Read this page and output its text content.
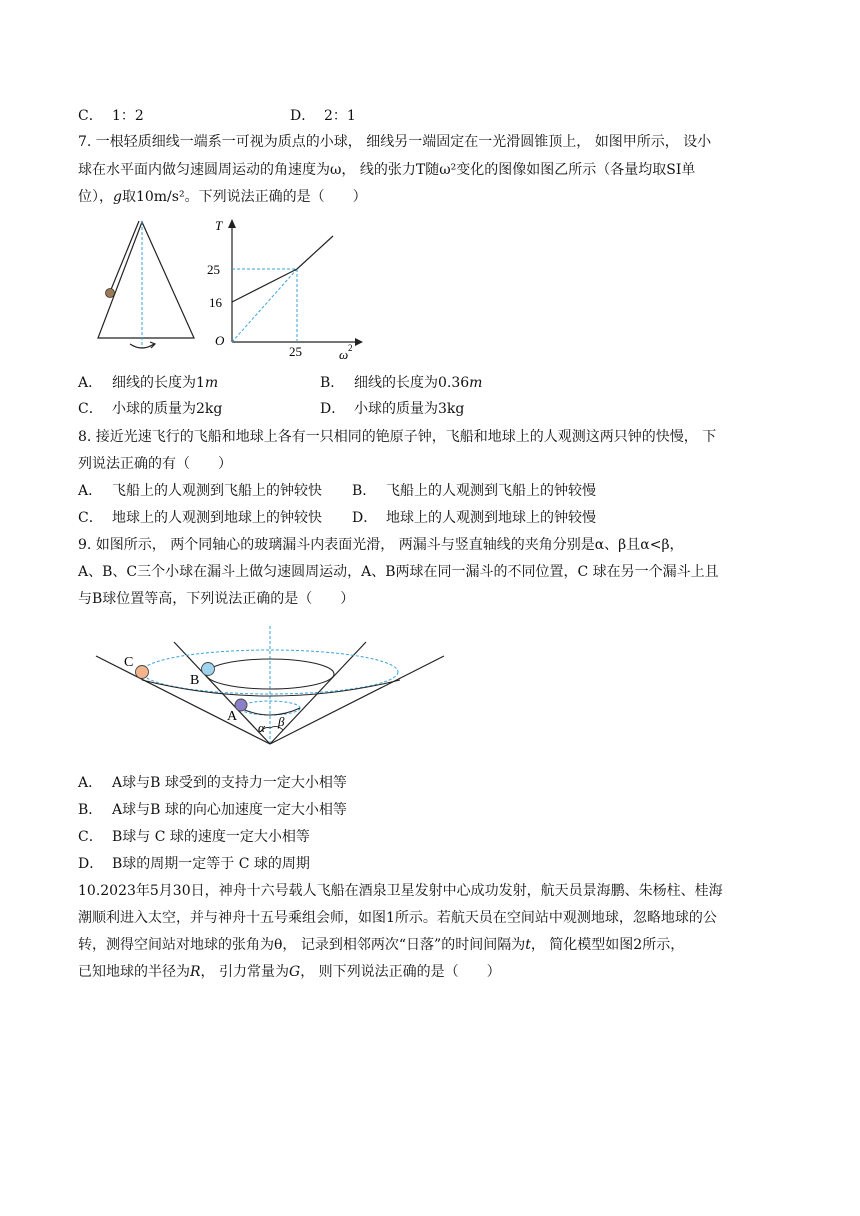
C． 1：2	D． 2：1
7. 一根轻质细线一端系一可视为质点的小球， 细线另一端固定在一光滑圆锥顶上， 如图甲所示， 设小
球在水平面内做匀速圆周运动的角速度为ω， 线的张力T随ω²变化的图像如图乙所示（各量均取SI单
位），g取10m/s²。下列说法正确的是（　　）
T
25
16
O
25	ω 2
A． 细线的长度为1m	B． 细线的长度为0.36m
C． 小球的质量为2kg	D． 小球的质量为3kg
8. 接近光速飞行的飞船和地球上各有一只相同的铯原子钟，飞船和地球上的人观测这两只钟的快慢， 下
列说法正确的有（　　）
A． 飞船上的人观测到飞船上的钟较快 B． 飞船上的人观测到飞船上的钟较慢
C． 地球上的人观测到地球上的钟较快 D． 地球上的人观测到地球上的钟较慢
9. 如图所示， 两个同轴心的玻璃漏斗内表面光滑， 两漏斗与竖直轴线的夹角分别是α、β且α<β，
A、B、C三个小球在漏斗上做匀速圆周运动，A、B两球在同一漏斗的不同位置，C 球在另一个漏斗上且
与B球位置等高，下列说法正确的是（　　）
C
B
A
α β
A． A球与B 球受到的支持力一定大小相等
B． A球与B 球的向心加速度一定大小相等
C． B球与 C 球的速度一定大小相等
D． B球的周期一定等于 C 球的周期
10.2023年5月30日，神舟十六号载人飞船在酒泉卫星发射中心成功发射，航天员景海鹏、朱杨柱、桂海
潮顺利进入太空，并与神舟十五号乘组会师，如图1所示。若航天员在空间站中观测地球，忽略地球的公
转，测得空间站对地球的张角为θ， 记录到相邻两次“日落”的时间间隔为t， 简化模型如图2所示，
已知地球的半径为R， 引力常量为G， 则下列说法正确的是（　　）
